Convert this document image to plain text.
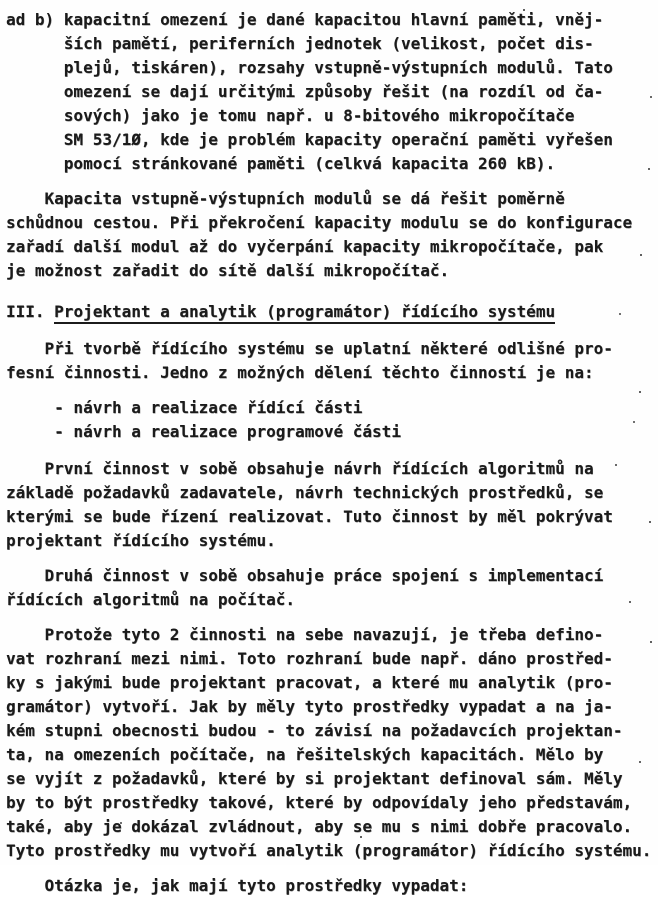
ad b) kapacitní omezení je dané kapacitou hlavní paměti, vněj-
ších pamětí, periferních jednotek (velikost, počet dis-
plejů, tiskáren), rozsahy vstupně-výstupních modulů. Tato
omezení se dají určitými způsoby řešit (na rozdíl od ča-
sových) jako je tomu např. u 8-bitového mikropočítače
SM 53/1Ø, kde je problém kapacity operační paměti vyřešen
pomocí stránkované paměti (celkvá kapacita 260 kB).
Kapacita vstupně-výstupních modulů se dá řešit poměrně
schůdnou cestou. Při překročení kapacity modulu se do konfigurace
zařadí další modul až do vyčerpání kapacity mikropočítače, pak
je možnost zařadit do sítě další mikropočítač.
III. Projektant a analytik (programátor) řídícího systému
Při tvorbě řídícího systému se uplatní některé odlišné pro-
fesní činnosti. Jedno z možných dělení těchto činností je na:
- návrh a realizace řídící části
- návrh a realizace programové části
První činnost v sobě obsahuje návrh řídících algoritmů na
základě požadavků zadavatele, návrh technických prostředků, se
kterými se bude řízení realizovat. Tuto činnost by měl pokrývat
projektant řídícího systému.
Druhá činnost v sobě obsahuje práce spojení s implementací
řídících algoritmů na počítač.
Protože tyto 2 činnosti na sebe navazují, je třeba defino-
vat rozhraní mezi nimi. Toto rozhraní bude např. dáno prostřed-
ky s jakými bude projektant pracovat, a které mu analytik (pro-
gramátor) vytvoří. Jak by měly tyto prostředky vypadat a na ja-
kém stupni obecnosti budou - to závisí na požadavcích projektan-
ta, na omezeních počítače, na řešitelských kapacitách. Mělo by
se vyjít z požadavků, které by si projektant definoval sám. Měly
by to být prostředky takové, které by odpovídaly jeho představám,
také, aby je dokázal zvládnout, aby se mu s nimi dobře pracovalo.
Tyto prostředky mu vytvoří analytik (programátor) řídícího systému.
Otázka je, jak mají tyto prostředky vypadat:
